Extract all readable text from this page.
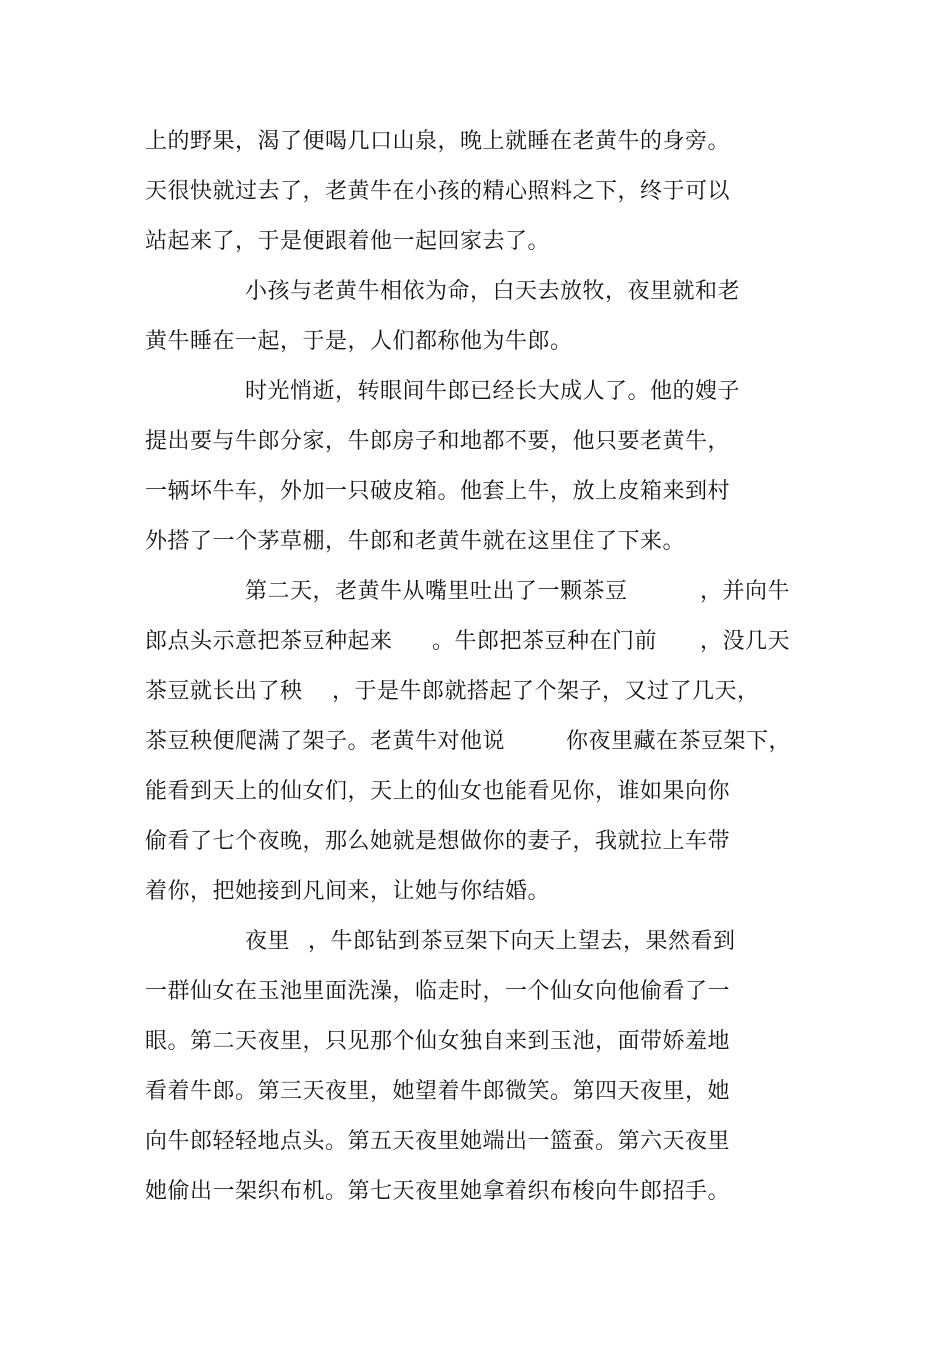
上的野果，渴了便喝几口山泉，晚上就睡在老黄牛的身旁。
天很快就过去了，老黄牛在小孩的精心照料之下，终于可以
站起来了，于是便跟着他一起回家去了。
小孩与老黄牛相依为命，白天去放牧，夜里就和老
黄牛睡在一起，于是，人们都称他为牛郎。
时光悄逝，转眼间牛郎已经长大成人了。他的嫂子
提出要与牛郎分家，牛郎房子和地都不要，他只要老黄牛，
一辆坏牛车，外加一只破皮箱。他套上牛，放上皮箱来到村
外搭了一个茅草棚，牛郎和老黄牛就在这里住了下来。
第二天，老黄牛从嘴里吐出了一颗茶豆	，并向牛
郎点头示意把茶豆种起来 。牛郎把茶豆种在门前 ，没几天
茶豆就长出了秧 ，于是牛郎就搭起了个架子，又过了几天，
茶豆秧便爬满了架子。老黄牛对他说	你夜里藏在茶豆架下，
能看到天上的仙女们，天上的仙女也能看见你，谁如果向你
偷看了七个夜晚，那么她就是想做你的妻子，我就拉上车带
着你，把她接到凡间来，让她与你结婚。
夜里 ，牛郎钻到茶豆架下向天上望去，果然看到
一群仙女在玉池里面洗澡，临走时，一个仙女向他偷看了一
眼。第二天夜里，只见那个仙女独自来到玉池，面带娇羞地
看着牛郎。第三天夜里，她望着牛郎微笑。第四天夜里，她
向牛郎轻轻地点头。第五天夜里她端出一篮蚕。第六天夜里
她偷出一架织布机。第七天夜里她拿着织布梭向牛郎招手。
